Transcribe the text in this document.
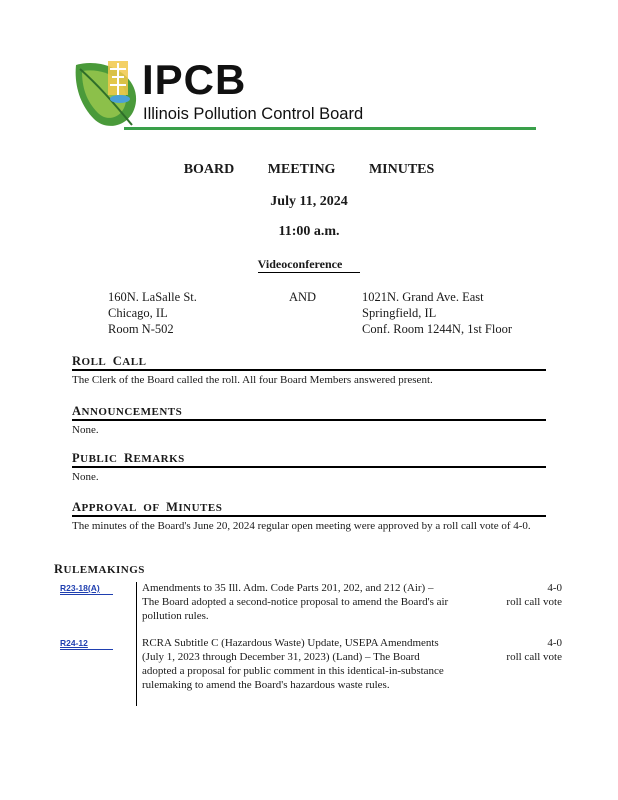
IPCB
Illinois Pollution Control Board
BOARD MEETING MINUTES
July 11, 2024
11:00 a.m.
Videoconference
160N. LaSalle St.
Chicago, IL
Room N-502
AND	1021N. Grand Ave. East
Springfield, IL
Conf. Room 1244N, 1st Floor
ROLL CALL
The Clerk of the Board called the roll. All four Board Members answered present.
ANNOUNCEMENTS
None.
PUBLIC REMARKS
None.
APPROVAL OF MINUTES
The minutes of the Board's June 20, 2024 regular open meeting were approved by a roll call vote of 4-0.
RULEMAKINGS
R23-18(A)	Amendments to 35 Ill. Adm. Code Parts 201, 202, and 212 (Air) –
The Board adopted a second-notice proposal to amend the Board's air pollution rules.
4-0
roll call vote
R24-12	RCRA Subtitle C (Hazardous Waste) Update, USEPA Amendments
(July 1, 2023 through December 31, 2023) (Land) – The Board
adopted a proposal for public comment in this identical-in-substance rulemaking to amend the Board's hazardous waste rules.
4-0
roll call vote
